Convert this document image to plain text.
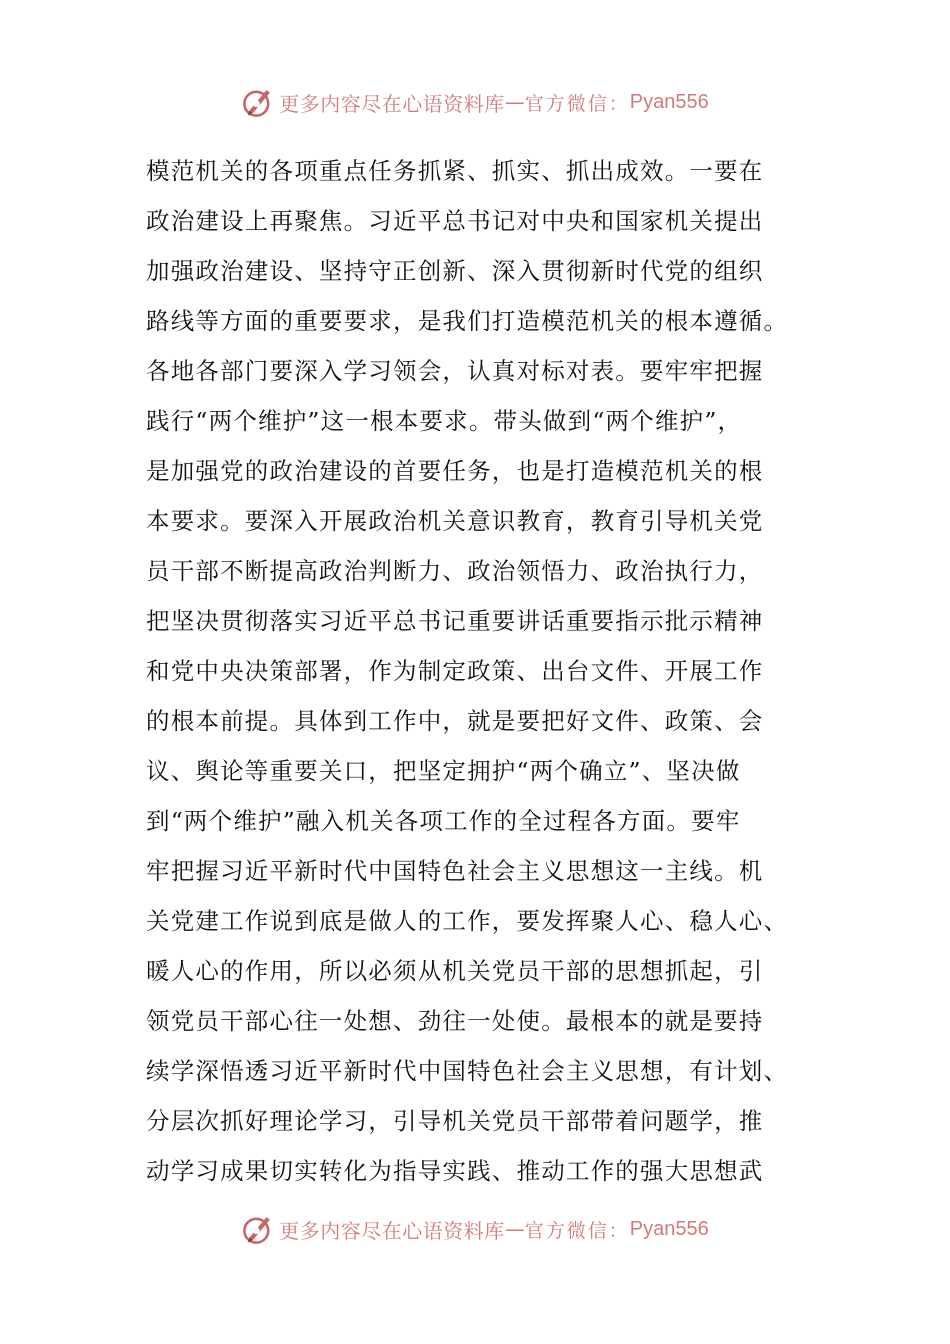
更多内容尽在心语资料库 — 官方微信： Pyan556
模范机关的各项重点任务抓紧、抓实、抓出成效。一要在
政治建设上再聚焦。习近平总书记对中央和国家机关提出
加强政治建设、坚持守正创新、深入贯彻新时代党的组织
路线等方面的重要要求，是我们打造模范机关的根本遵循。
各地各部门要深入学习领会，认真对标对表。要牢牢把握
践行“两个维护”这一根本要求。带头做到“两个维护”，
是加强党的政治建设的首要任务，也是打造模范机关的根
本要求。要深入开展政治机关意识教育，教育引导机关党
员干部不断提高政治判断力、政治领悟力、政治执行力，
把坚决贯彻落实习近平总书记重要讲话重要指示批示精神
和党中央决策部署，作为制定政策、出台文件、开展工作
的根本前提。具体到工作中，就是要把好文件、政策、会
议、舆论等重要关口，把坚定拥护“两个确立”、坚决做
到“两个维护”融入机关各项工作的全过程各方面。要牢
牢把握习近平新时代中国特色社会主义思想这一主线。机
关党建工作说到底是做人的工作，要发挥聚人心、稳人心、
暖人心的作用，所以必须从机关党员干部的思想抓起，引
领党员干部心往一处想、劲往一处使。最根本的就是要持
续学深悟透习近平新时代中国特色社会主义思想，有计划、
分层次抓好理论学习，引导机关党员干部带着问题学，推
动学习成果切实转化为指导实践、推动工作的强大思想武
更多内容尽在心语资料库 — 官方微信： Pyan556
